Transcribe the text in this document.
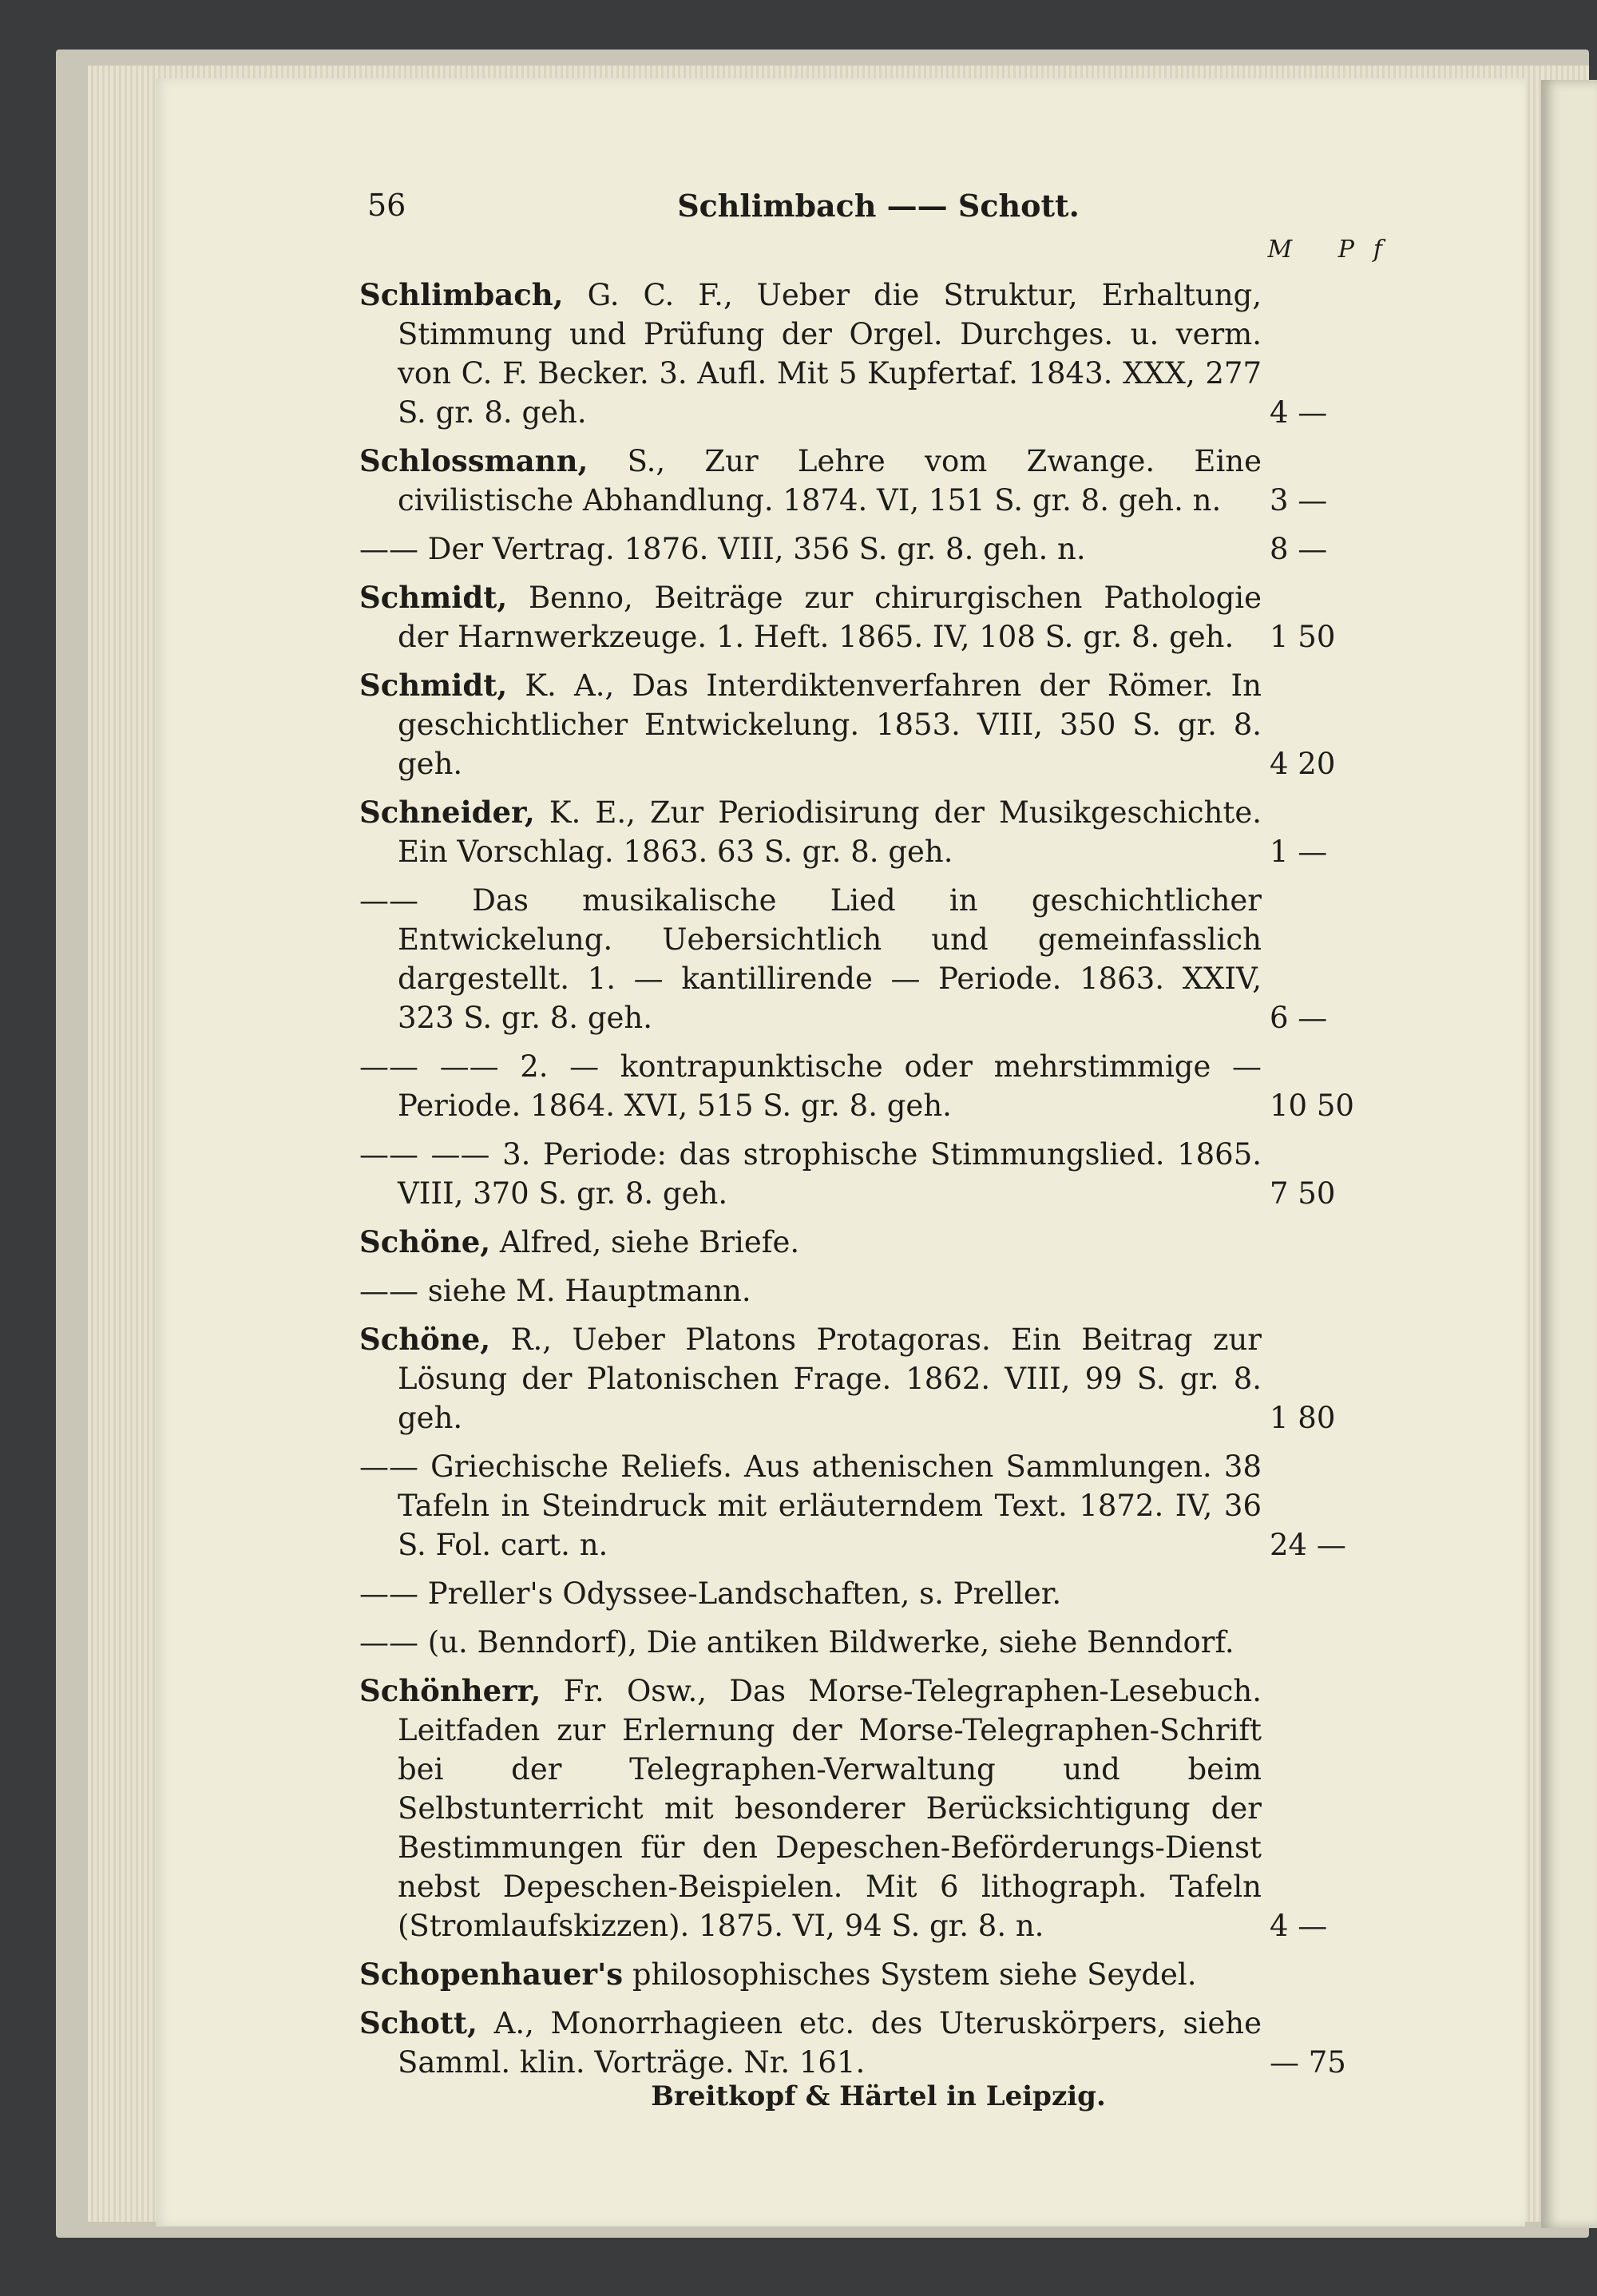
56	Schlimbach —— Schott.
M Pf
Schlimbach, G. C. F., Ueber die Struktur, Erhaltung, Stimmung und Prüfung der Orgel. Durchges. u. verm. von C. F. Becker. 3. Aufl. Mit 5 Kupfertaf. 1843. XXX, 277 S. gr. 8. geh.	4 —
Schlossmann, S., Zur Lehre vom Zwange. Eine civilistische Abhandlung. 1874. VI, 151 S. gr. 8. geh. n. 3 —
—— Der Vertrag. 1876. VIII, 356 S. gr. 8. geh. n.	8 —
Schmidt, Benno, Beiträge zur chirurgischen Pathologie der Harnwerkzeuge. 1. Heft. 1865. IV, 108 S. gr. 8. geh. 1 50
Schmidt, K. A., Das Interdiktenverfahren der Römer. In geschichtlicher Entwickelung. 1853. VIII, 350 S. gr. 8. geh.	4 20
Schneider, K. E., Zur Periodisirung der Musikgeschichte. Ein Vorschlag. 1863. 63 S. gr. 8. geh.	1 —
—— Das musikalische Lied in geschichtlicher Entwickelung. Uebersichtlich und gemeinfasslich dargestellt. 1. — kantillirende — Periode. 1863. XXIV, 323 S. gr. 8. geh.	6 —
—— —— 2. — kontrapunktische oder mehrstimmige — Periode. 1864. XVI, 515 S. gr. 8. geh.	10 50
—— —— 3. Periode: das strophische Stimmungslied. 1865. VIII, 370 S. gr. 8. geh.	7 50
Schöne, Alfred, siehe Briefe.
—— siehe M. Hauptmann.
Schöne, R., Ueber Platons Protagoras. Ein Beitrag zur Lösung der Platonischen Frage. 1862. VIII, 99 S. gr. 8. geh.	1 80
—— Griechische Reliefs. Aus athenischen Sammlungen. 38 Tafeln in Steindruck mit erläuterndem Text. 1872. IV, 36 S. Fol. cart. n.	24 —
—— Preller's Odyssee-Landschaften, s. Preller.
—— (u. Benndorf), Die antiken Bildwerke, siehe Benndorf.
Schönherr, Fr. Osw., Das Morse-Telegraphen-Lesebuch. Leitfaden zur Erlernung der Morse-Telegraphen-Schrift bei der Telegraphen-Verwaltung und beim Selbstunterricht mit besonderer Berücksichtigung der Bestimmungen für den Depeschen-Beförderungs-Dienst nebst Depeschen-Beispielen. Mit 6 lithograph. Tafeln (Stromlaufskizzen). 1875. VI, 94 S. gr. 8. n.	4 —
Schopenhauer's philosophisches System siehe Seydel.
Schott, A., Monorrhagieen etc. des Uteruskörpers, siehe Samml. klin. Vorträge. Nr. 161.	— 75
Breitkopf & Härtel in Leipzig.
